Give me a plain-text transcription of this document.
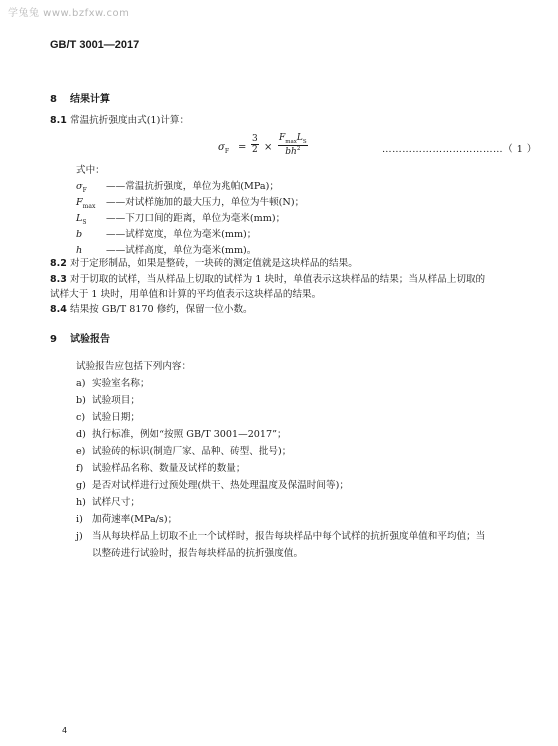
学兔兔 www.bzfxw.com
GB/T 3001—2017
8 结果计算
8.1 常温抗折强度由式(1)计算：
$\sigma_F = \frac{3}{2}$ ×
$F_{max}L_S$
$bh^2$	………………………………（ 1 ）
式中：
$\sigma_F$ ——常温抗折强度，单位为兆帕(MPa)；
$F_{max}$ ——对试样施加的最大压力，单位为牛顿(N)；
$L_S$ ——下刀口间的距离，单位为毫米(mm)；
b ——试样宽度，单位为毫米(mm)；
h ——试样高度，单位为毫米(mm)。
8.2 对于定形制品，如果是整砖，一块砖的测定值就是这块样品的结果。
8.3 对于切取的试样，当从样品上切取的试样为 1 块时，单值表示这块样品的结果；当从样品上切取的
试样大于 1 块时，用单值和计算的平均值表示这块样品的结果。
8.4 结果按 GB/T 8170 修约，保留一位小数。
9 试验报告
试验报告应包括下列内容：
a) 实验室名称；
b) 试验项目；
c) 试验日期；
d) 执行标准，例如“按照 GB/T 3001—2017”；
e) 试验砖的标识(制造厂家、品种、砖型、批号)；
f) 试验样品名称、数量及试样的数量；
g) 是否对试样进行过预处理(烘干、热处理温度及保温时间等)；
h) 试样尺寸；
i) 加荷速率(MPa/s)；
j) 当从每块样品上切取不止一个试样时，报告每块样品中每个试样的抗折强度单值和平均值；当
以整砖进行试验时，报告每块样品的抗折强度值。
4
